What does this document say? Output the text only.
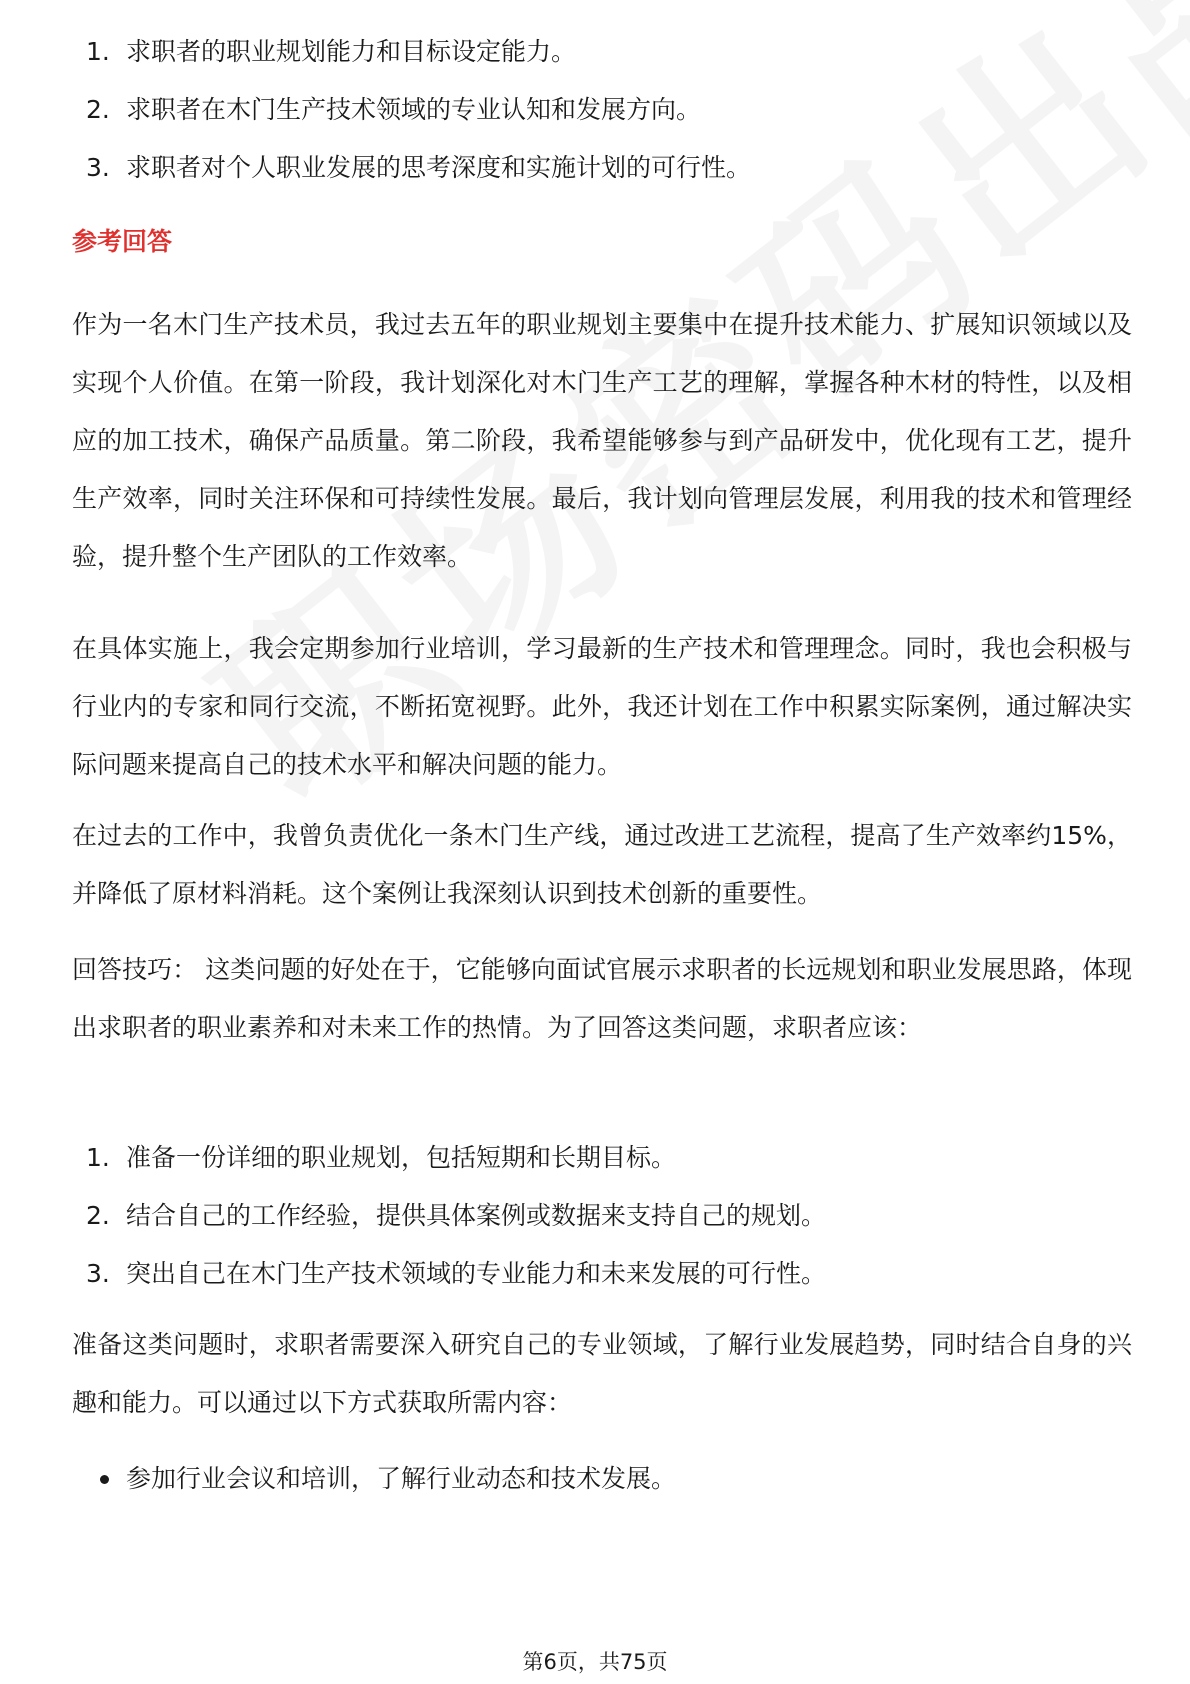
1. 求职者的职业规划能力和目标设定能力。
2. 求职者在木门生产技术领域的专业认知和发展方向。
3. 求职者对个人职业发展的思考深度和实施计划的可行性。
参考回答

作为一名木门生产技术员，我过去五年的职业规划主要集中在提升技术能力、扩展知识领域以及实现个人价值。在第一阶段，我计划深化对木门生产工艺的理解，掌握各种木材的特性，以及相应的加工技术，确保产品质量。第二阶段，我希望能够参与到产品研发中，优化现有工艺，提升生产效率，同时关注环保和可持续性发展。最后，我计划向管理层发展，利用我的技术和管理经验，提升整个生产团队的工作效率。

在具体实施上，我会定期参加行业培训，学习最新的生产技术和管理理念。同时，我也会积极与行业内的专家和同行交流，不断拓宽视野。此外，我还计划在工作中积累实际案例，通过解决实际问题来提高自己的技术水平和解决问题的能力。

在过去的工作中，我曾负责优化一条木门生产线，通过改进工艺流程，提高了生产效率约15%，并降低了原材料消耗。这个案例让我深刻认识到技术创新的重要性。

回答技巧： 这类问题的好处在于，它能够向面试官展示求职者的长远规划和职业发展思路，体现出求职者的职业素养和对未来工作的热情。为了回答这类问题，求职者应该：

1. 准备一份详细的职业规划，包括短期和长期目标。
2. 结合自己的工作经验，提供具体案例或数据来支持自己的规划。
3. 突出自己在木门生产技术领域的专业能力和未来发展的可行性。

准备这类问题时，求职者需要深入研究自己的专业领域，了解行业发展趋势，同时结合自身的兴趣和能力。可以通过以下方式获取所需内容：

参加行业会议和培训，了解行业动态和技术发展。
第6页，共75页
